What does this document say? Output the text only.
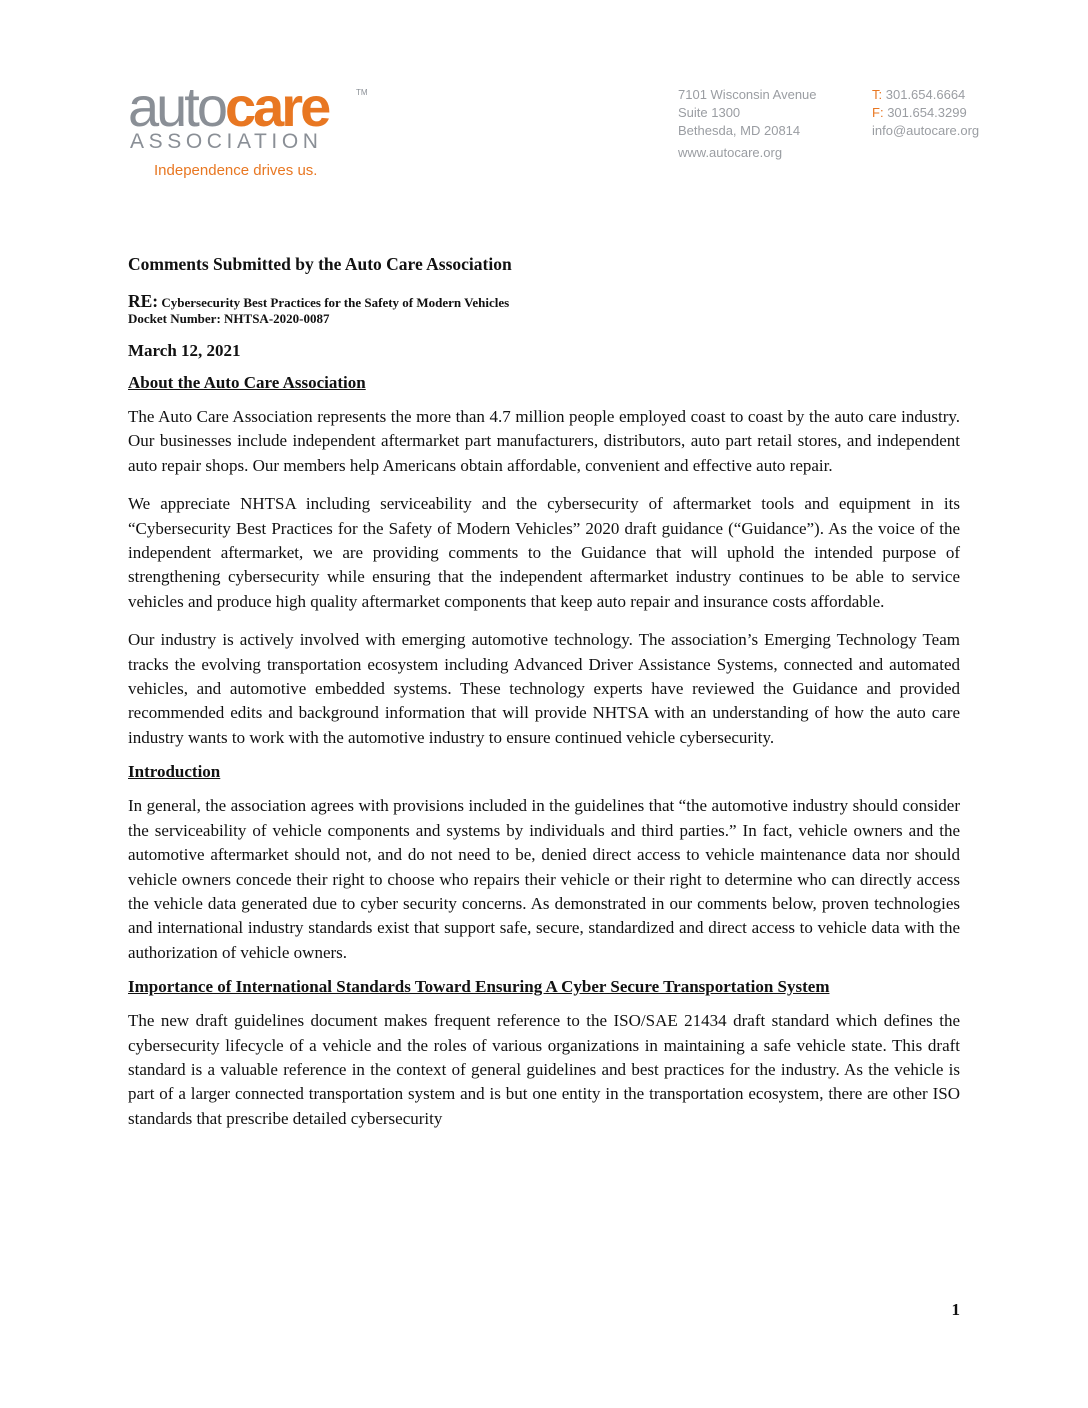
autocare	TM
ASSOCIATION
Independence drives us.
7101 Wisconsin Avenue
Suite 1300
Bethesda, MD 20814
www.autocare.org
T: 301.654.6664
F: 301.654.3299
info@autocare.org
Comments Submitted by the Auto Care Association
RE: Cybersecurity Best Practices for the Safety of Modern Vehicles
Docket Number: NHTSA-2020-0087
March 12, 2021
About the Auto Care Association

The Auto Care Association represents the more than 4.7 million people employed coast to coast by the auto care industry. Our businesses include independent aftermarket part manufacturers, distributors, auto part retail stores, and independent auto repair shops. Our members help Americans obtain affordable, convenient and effective auto repair.

We appreciate NHTSA including serviceability and the cybersecurity of aftermarket tools and equipment in its “Cybersecurity Best Practices for the Safety of Modern Vehicles” 2020 draft guidance (“Guidance”). As the voice of the independent aftermarket, we are providing comments to the Guidance that will uphold the intended purpose of strengthening cybersecurity while ensuring that the independent aftermarket industry continues to be able to service vehicles and produce high quality aftermarket components that keep auto repair and insurance costs affordable.

Our industry is actively involved with emerging automotive technology. The association’s Emerging Technology Team tracks the evolving transportation ecosystem including Advanced Driver Assistance Systems, connected and automated vehicles, and automotive embedded systems. These technology experts have reviewed the Guidance and provided recommended edits and background information that will provide NHTSA with an understanding of how the auto care industry wants to work with the automotive industry to ensure continued vehicle cybersecurity.

Introduction

In general, the association agrees with provisions included in the guidelines that “the automotive industry should consider the serviceability of vehicle components and systems by individuals and third parties.” In fact, vehicle owners and the automotive aftermarket should not, and do not need to be, denied direct access to vehicle maintenance data nor should vehicle owners concede their right to choose who repairs their vehicle or their right to determine who can directly access the vehicle data generated due to cyber security concerns. As demonstrated in our comments below, proven technologies and international industry standards exist that support safe, secure, standardized and direct access to vehicle data with the authorization of vehicle owners.

Importance of International Standards Toward Ensuring A Cyber Secure Transportation System

The new draft guidelines document makes frequent reference to the ISO/SAE 21434 draft standard which defines the cybersecurity lifecycle of a vehicle and the roles of various organizations in maintaining a safe vehicle state. This draft standard is a valuable reference in the context of general guidelines and best practices for the industry. As the vehicle is part of a larger connected transportation system and is but one entity in the transportation ecosystem, there are other ISO standards that prescribe detailed cybersecurity

1
